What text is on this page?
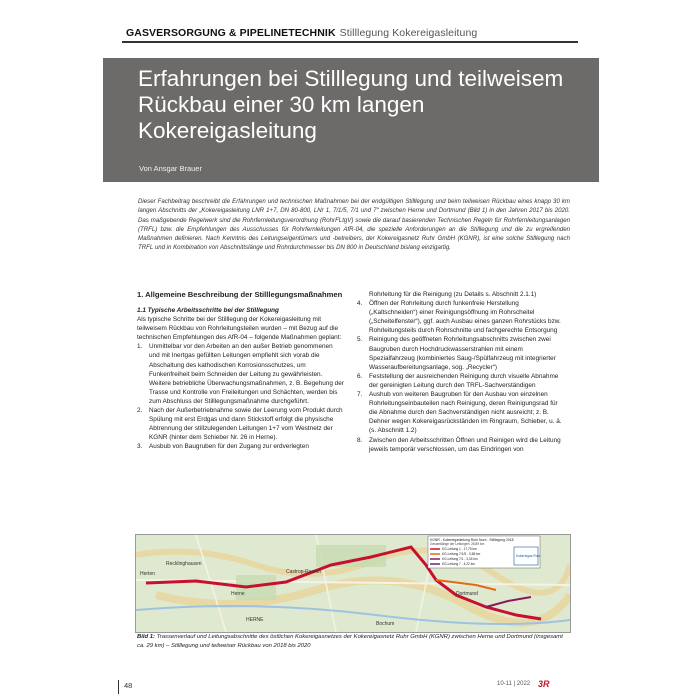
GASVERSORGUNG & PIPELINETECHNIK Stilllegung Kokereigasleitung
Erfahrungen bei Stilllegung und teilweisem Rückbau einer 30 km langen Kokereigasleitung
Von Ansgar Brauer
Dieser Fachbeitrag beschreibt die Erfahrungen und technischen Maßnahmen bei der endgültigen Stilllegung und beim teilweisen Rückbau eines knapp 30 km langen Abschnitts der „Kokereigasleitung LNR 1+7, DN 80-800, LNr 1, 7/1/5, 7/1 und 7“ zwischen Herne und Dortmund (Bild 1) in den Jahren 2017 bis 2020. Das maßgebende Regelwerk sind die Rohrfernleitungsverordnung (RohrFLtgV) sowie die darauf basierenden Technischen Regeln für Rohrfernleitungsanlagen (TRFL) bzw. die Empfehlungen des Ausschusses für Rohrfernleitungen AfR-04, die spezielle Anforderungen an die Stilllegung und die zu ergreifenden Maßnahmen definieren. Nach Kenntnis des Leitungseigentümers und -betreibers, der Kokereigasnetz Ruhr GmbH (KGNR), ist eine solche Stilllegung nach TRFL und in Kombination von Abschnittslänge und Rohrdurchmesser bis DN 800 in Deutschland bislang einzigartig.
1. Allgemeine Beschreibung der Stilllegungsmaßnahmen
1.1 Typische Arbeitsschritte bei der Stilllegung

Als typische Schritte bei der Stilllegung der Kokereigasleitung mit teilweisem Rückbau von Rohrleitungsteilen wurden – mit Bezug auf die technischen Empfehlungen des AfR-04 – folgende Maßnahmen geplant:

1. Unmittelbar vor den Arbeiten an den außer Betrieb genommenen und mit Inertgas gefüllten Leitungen empfiehlt sich vorab die Abschaltung des kathodischen Korrosionsschutzes, um Funkenfreiheit beim Schneiden der Leitung zu gewährleisten. Weitere betriebliche Überwachungsmaßnahmen, z. B. Begehung der Trasse und Kontrolle von Freileitungen und Schächten, werden bis zum Abschluss der Stilllegungsmaßnahme durchgeführt.
2. Nach der Außerbetriebnahme sowie der Leerung vom Produkt durch Spülung mit erst Erdgas und dann Stickstoff erfolgt die physische Abtrennung der stillzulegenden Leitungen 1+7 vom Westnetz der KGNR (hinter dem Schieber Nr. 26 in Herne).
3. Ausbub von Baugruben für den Zugang zur erdverlegten

Rohrleitung für die Reinigung (zu Details s. Abschnitt 2.1.1)

4. Öffnen der Rohrleitung durch funkenfreie Herstellung („Kaltschneiden“) einer Reinigungsöffnung im Rohrscheitel („Scheitelfenster“), ggf. auch Ausbau eines ganzen Rohrstücks bzw. Rohrleitungsteils durch Rohrschnitte und fachgerechte Entsorgung
5. Reinigung des geöffneten Rohrleitungsabschnitts zwischen zwei Baugruben durch Hochdruckwasserstrahlen mit einem Spezialfahrzeug (kombiniertes Saug-/Spülfahrzeug mit integrierter Wasseraufbereitungsanlage, sog. „Recycler“)
6. Feststellung der ausreichenden Reinigung durch visuelle Abnahme der gereinigten Leitung durch den TRFL-Sachverständigen
7. Aushub von weiteren Baugruben für den Ausbau von einzelnen Rohrleitungseinbauteilen nach Reinigung, deren Reinigungsrad für die Abnahme durch den Sachverständigen nicht ausreicht; z. B. Dehner wegen Kokereigasrückständen im Ringraum, Schieber, u. ä. (s. Abschnitt 1.2)
8. Zwischen den Arbeitsschritten Öffnen und Reinigen wird die Leitung jeweils temporär verschlossen, um das Eindringen von
Recklinghausen
Herten
Herne
Castrop-Rauxel
Dortmund
Bochum
HERNE
KGNR - Kokereigasleitung Ruhr Nord - Stilllegung 2018
Gesamtlänge der Leitungen: 28,89 km
KG-Leitung 1 - 17,75 km
KG-Leitung 7/1/5 - 3,58 km
KG-Leitung 7/1 - 3,34 km
KG-Leitung 7 - 4,22 km
Kokereigas Ruhr
Bild 1: Trassenverlauf und Leitungsabschnitte des östlichen Kokereigasnetzes der Kokereigasnetz Ruhr GmbH (KGNR) zwischen Herne und Dortmund (insgesamt ca. 29 km) – Stilllegung und teilweiser Rückbau von 2018 bis 2020
48	10-11 | 2022 3R
